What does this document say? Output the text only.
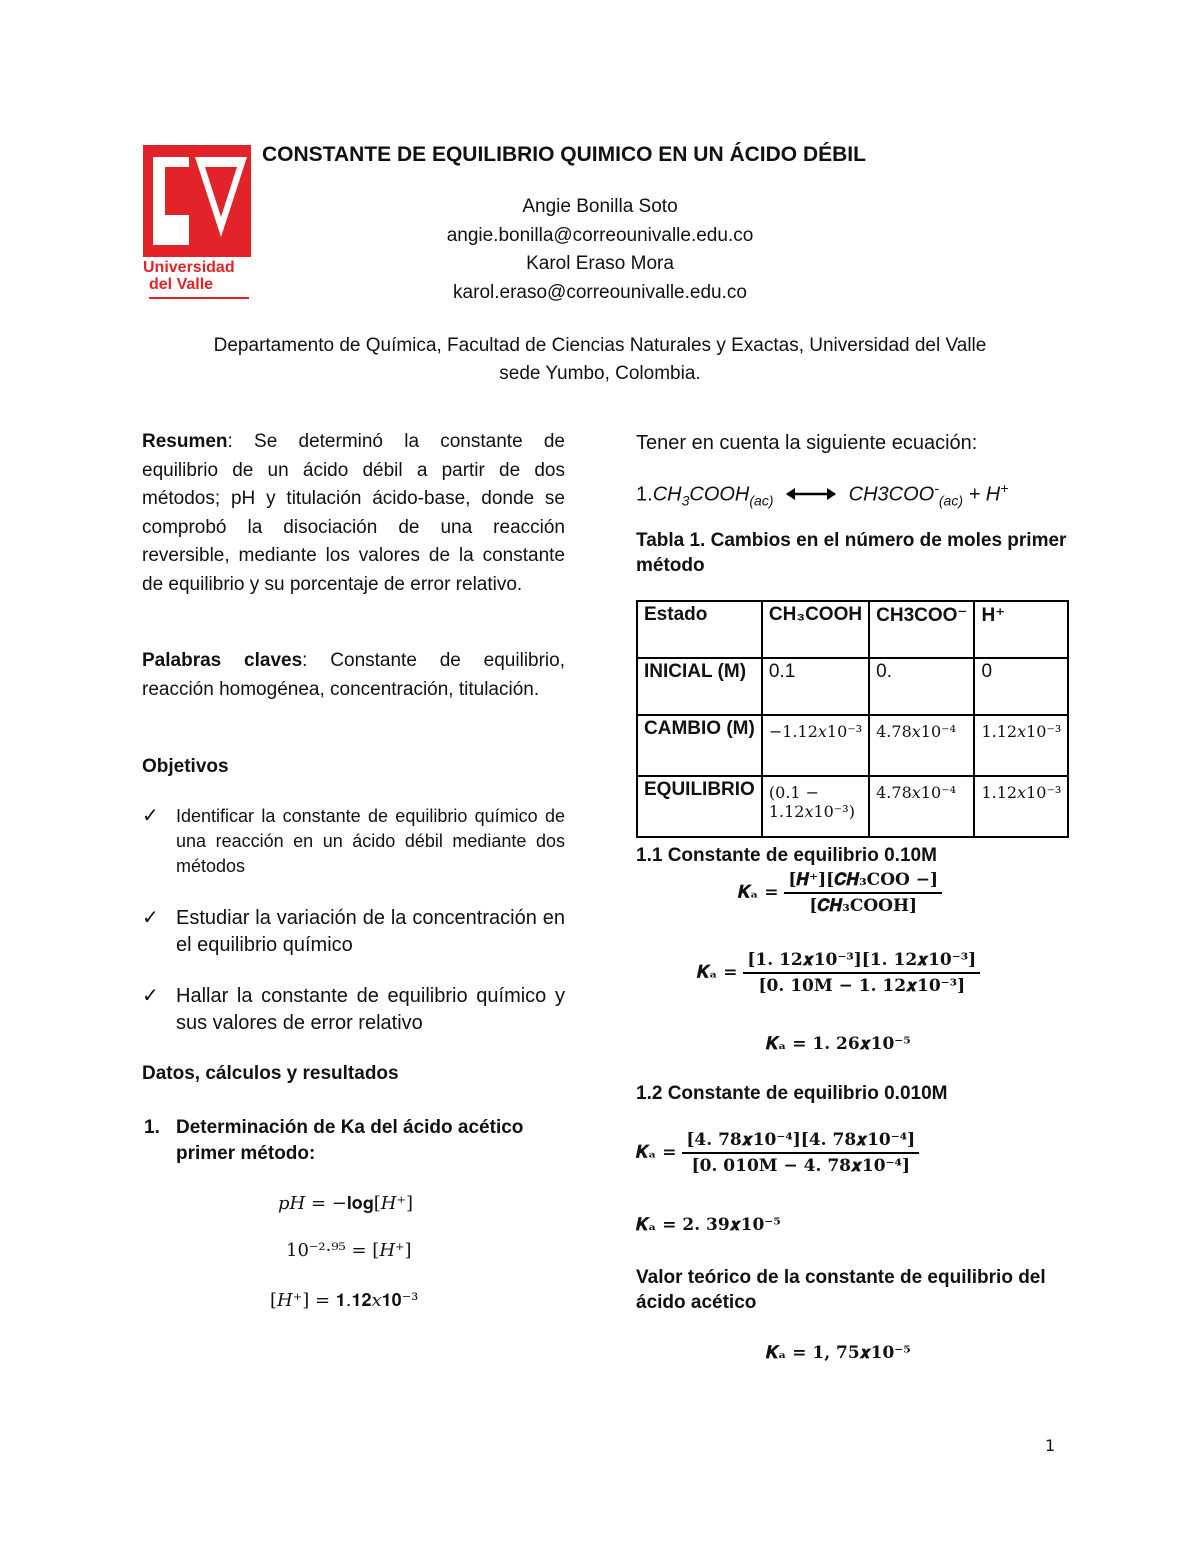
Universidad
del Valle
CONSTANTE DE EQUILIBRIO QUIMICO EN UN ÁCIDO DÉBIL
Angie Bonilla Soto
angie.bonilla@correounivalle.edu.co
Karol Eraso Mora
karol.eraso@correounivalle.edu.co
Departamento de Química, Facultad de Ciencias Naturales y Exactas, Universidad del Valle
sede Yumbo, Colombia.
Resumen: Se determinó la constante de equilibrio de un ácido débil a partir de dos métodos; pH y titulación ácido-base, donde se comprobó la disociación de una reacción reversible, mediante los valores de la constante de equilibrio y su porcentaje de error relativo.
Palabras claves: Constante de equilibrio, reacción homogénea, concentración, titulación.
Objetivos
✓ Identificar la constante de equilibrio químico de una reacción en un ácido débil mediante dos métodos
✓ Estudiar la variación de la concentración en el equilibrio químico
✓ Hallar la constante de equilibrio químico y sus valores de error relativo
Datos, cálculos y resultados
1. Determinación de Ka del ácido acético primer método:
𝑝𝐻 = −𝐥𝐨𝐠[𝐻⁺]
10⁻²·⁹⁵ = [𝐻⁺]
[𝐻⁺] = 𝟏.𝟏𝟐𝑥𝟏𝟎⁻³
Tener en cuenta la siguiente ecuación:
$1.CH_3COOH_{(ac)}$	$CH3COO^-_{(ac)} + H^+$
Tabla 1. Cambios en el número de moles primer método
Estado	CH₃COOH	CH3COO⁻	H⁺
INICIAL (M)	0.1	0.	0
CAMBIO (M)	−1.12𝑥10⁻³	4.78𝑥10⁻⁴	1.12𝑥10⁻³
EQUILIBRIO	(0.1 − 1.12𝑥10⁻³)	4.78𝑥10⁻⁴	1.12𝑥10⁻³
1.1 Constante de equilibrio 0.10M
𝑲ₐ = $\frac{\text{[𝑯⁺][𝑪𝑯₃𝐂𝐎𝐎 −]}}{\text{[𝑪𝑯₃𝐂𝐎𝐎𝐇]}}$
𝑲ₐ = $\frac{\text{[𝟏. 𝟏𝟐𝒙𝟏𝟎⁻³][𝟏. 𝟏𝟐𝒙𝟏𝟎⁻³]}}{\text{[𝟎. 𝟏𝟎𝐌 − 𝟏. 𝟏𝟐𝒙𝟏𝟎⁻³]}}$
𝑲ₐ = 𝟏. 𝟐𝟔𝒙𝟏𝟎⁻⁵
1.2 Constante de equilibrio 0.010M
𝑲ₐ = $\frac{\text{[𝟒. 𝟕𝟖𝒙𝟏𝟎⁻⁴][𝟒. 𝟕𝟖𝒙𝟏𝟎⁻⁴]}}{\text{[𝟎. 𝟎𝟏𝟎𝐌 − 𝟒. 𝟕𝟖𝒙𝟏𝟎⁻⁴]}}$
𝑲ₐ = 𝟐. 𝟑𝟗𝒙𝟏𝟎⁻⁵
Valor teórico de la constante de equilibrio del ácido acético
𝑲ₐ = 𝟏, 𝟕𝟓𝒙𝟏𝟎⁻⁵
1
